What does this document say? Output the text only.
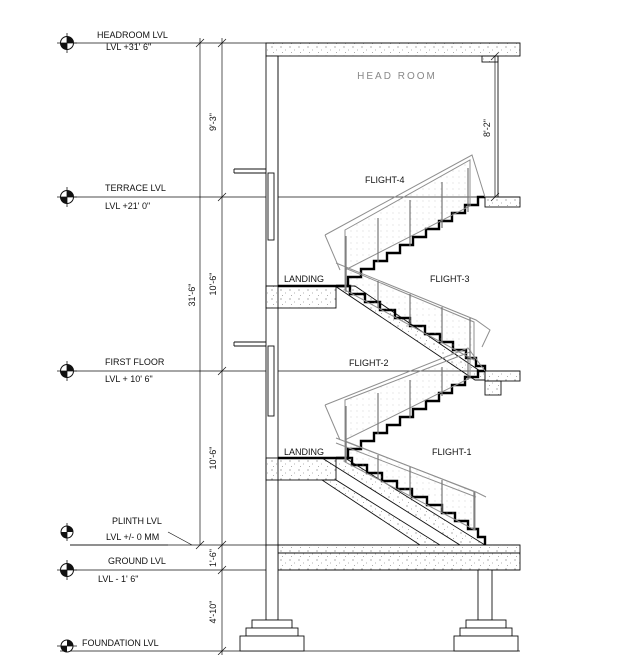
HEADROOM LVL
LVL +31' 6"
TERRACE LVL
LVL +21' 0"
FIRST FLOOR
LVL + 10' 6"
PLINTH LVL
LVL +/- 0 MM
GROUND LVL
LVL - 1' 6"
FOUNDATION LVL
9'-3"
10'-6"
10'-6"
1'-6"
4'-10"
31'-6"
8'-2"
HEAD ROOM
FLIGHT-4
FLIGHT-3
FLIGHT-2
FLIGHT-1
LANDING
LANDING
